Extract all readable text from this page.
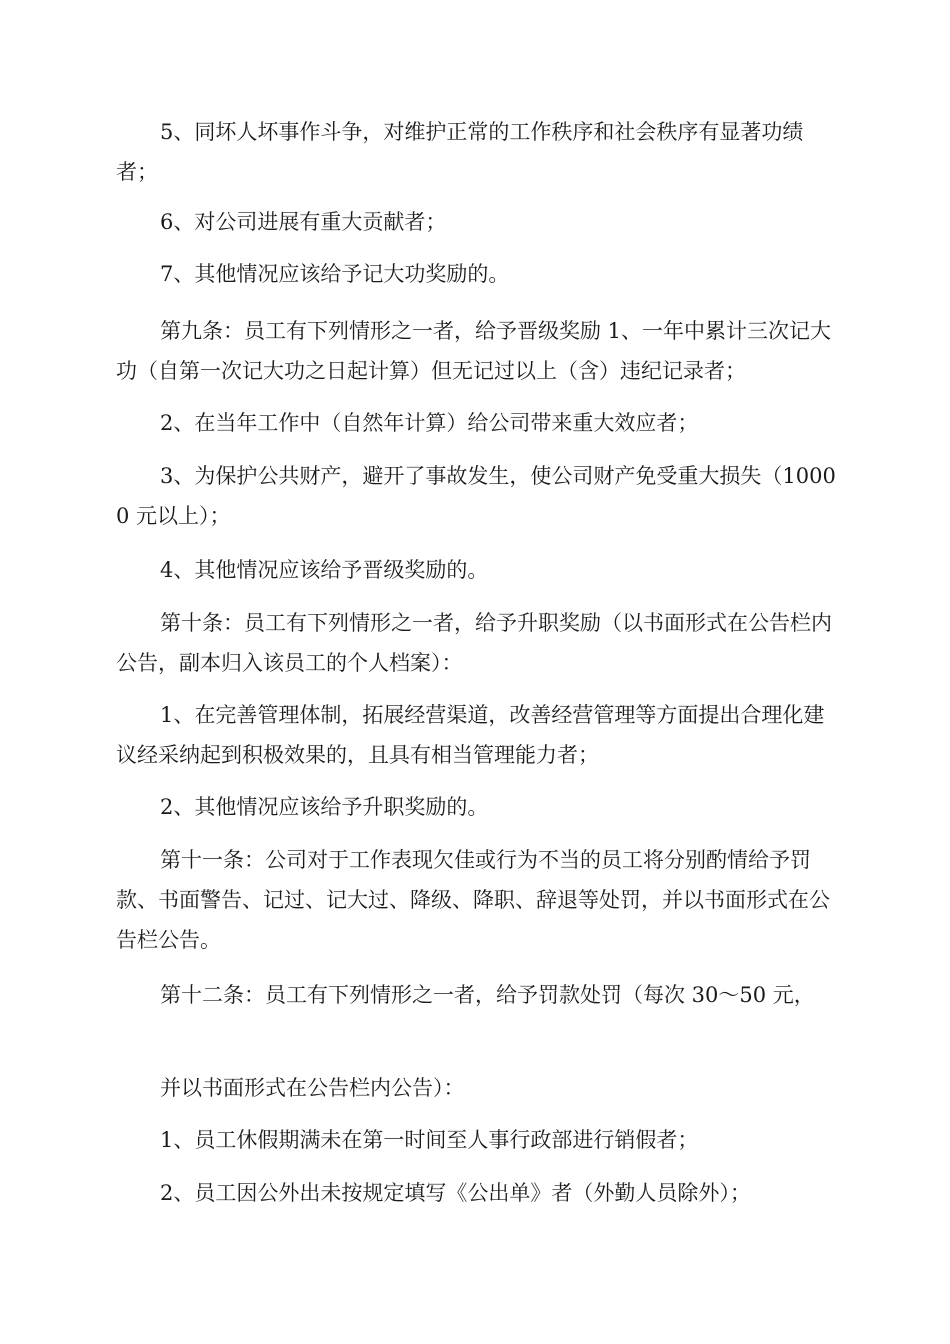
5、同坏人坏事作斗争，对维护正常的工作秩序和社会秩序有显著功绩者；

6、对公司进展有重大贡献者；

7、其他情况应该给予记大功奖励的。

第九条：员工有下列情形之一者，给予晋级奖励 1、一年中累计三次记大功（自第一次记大功之日起计算）但无记过以上（含）违纪记录者；

2、在当年工作中（自然年计算）给公司带来重大效应者；

3、为保护公共财产，避开了事故发生，使公司财产免受重大损失（10000 元以上）；

4、其他情况应该给予晋级奖励的。

第十条：员工有下列情形之一者，给予升职奖励（以书面形式在公告栏内公告，副本归入该员工的个人档案）：

1、在完善管理体制，拓展经营渠道，改善经营管理等方面提出合理化建议经采纳起到积极效果的，且具有相当管理能力者；

2、其他情况应该给予升职奖励的。

第十一条：公司对于工作表现欠佳或行为不当的员工将分别酌情给予罚款、书面警告、记过、记大过、降级、降职、辞退等处罚，并以书面形式在公告栏公告。

第十二条：员工有下列情形之一者，给予罚款处罚（每次 30～50 元，

并以书面形式在公告栏内公告）：

1、员工休假期满未在第一时间至人事行政部进行销假者；

2、员工因公外出未按规定填写《公出单》者（外勤人员除外）；
